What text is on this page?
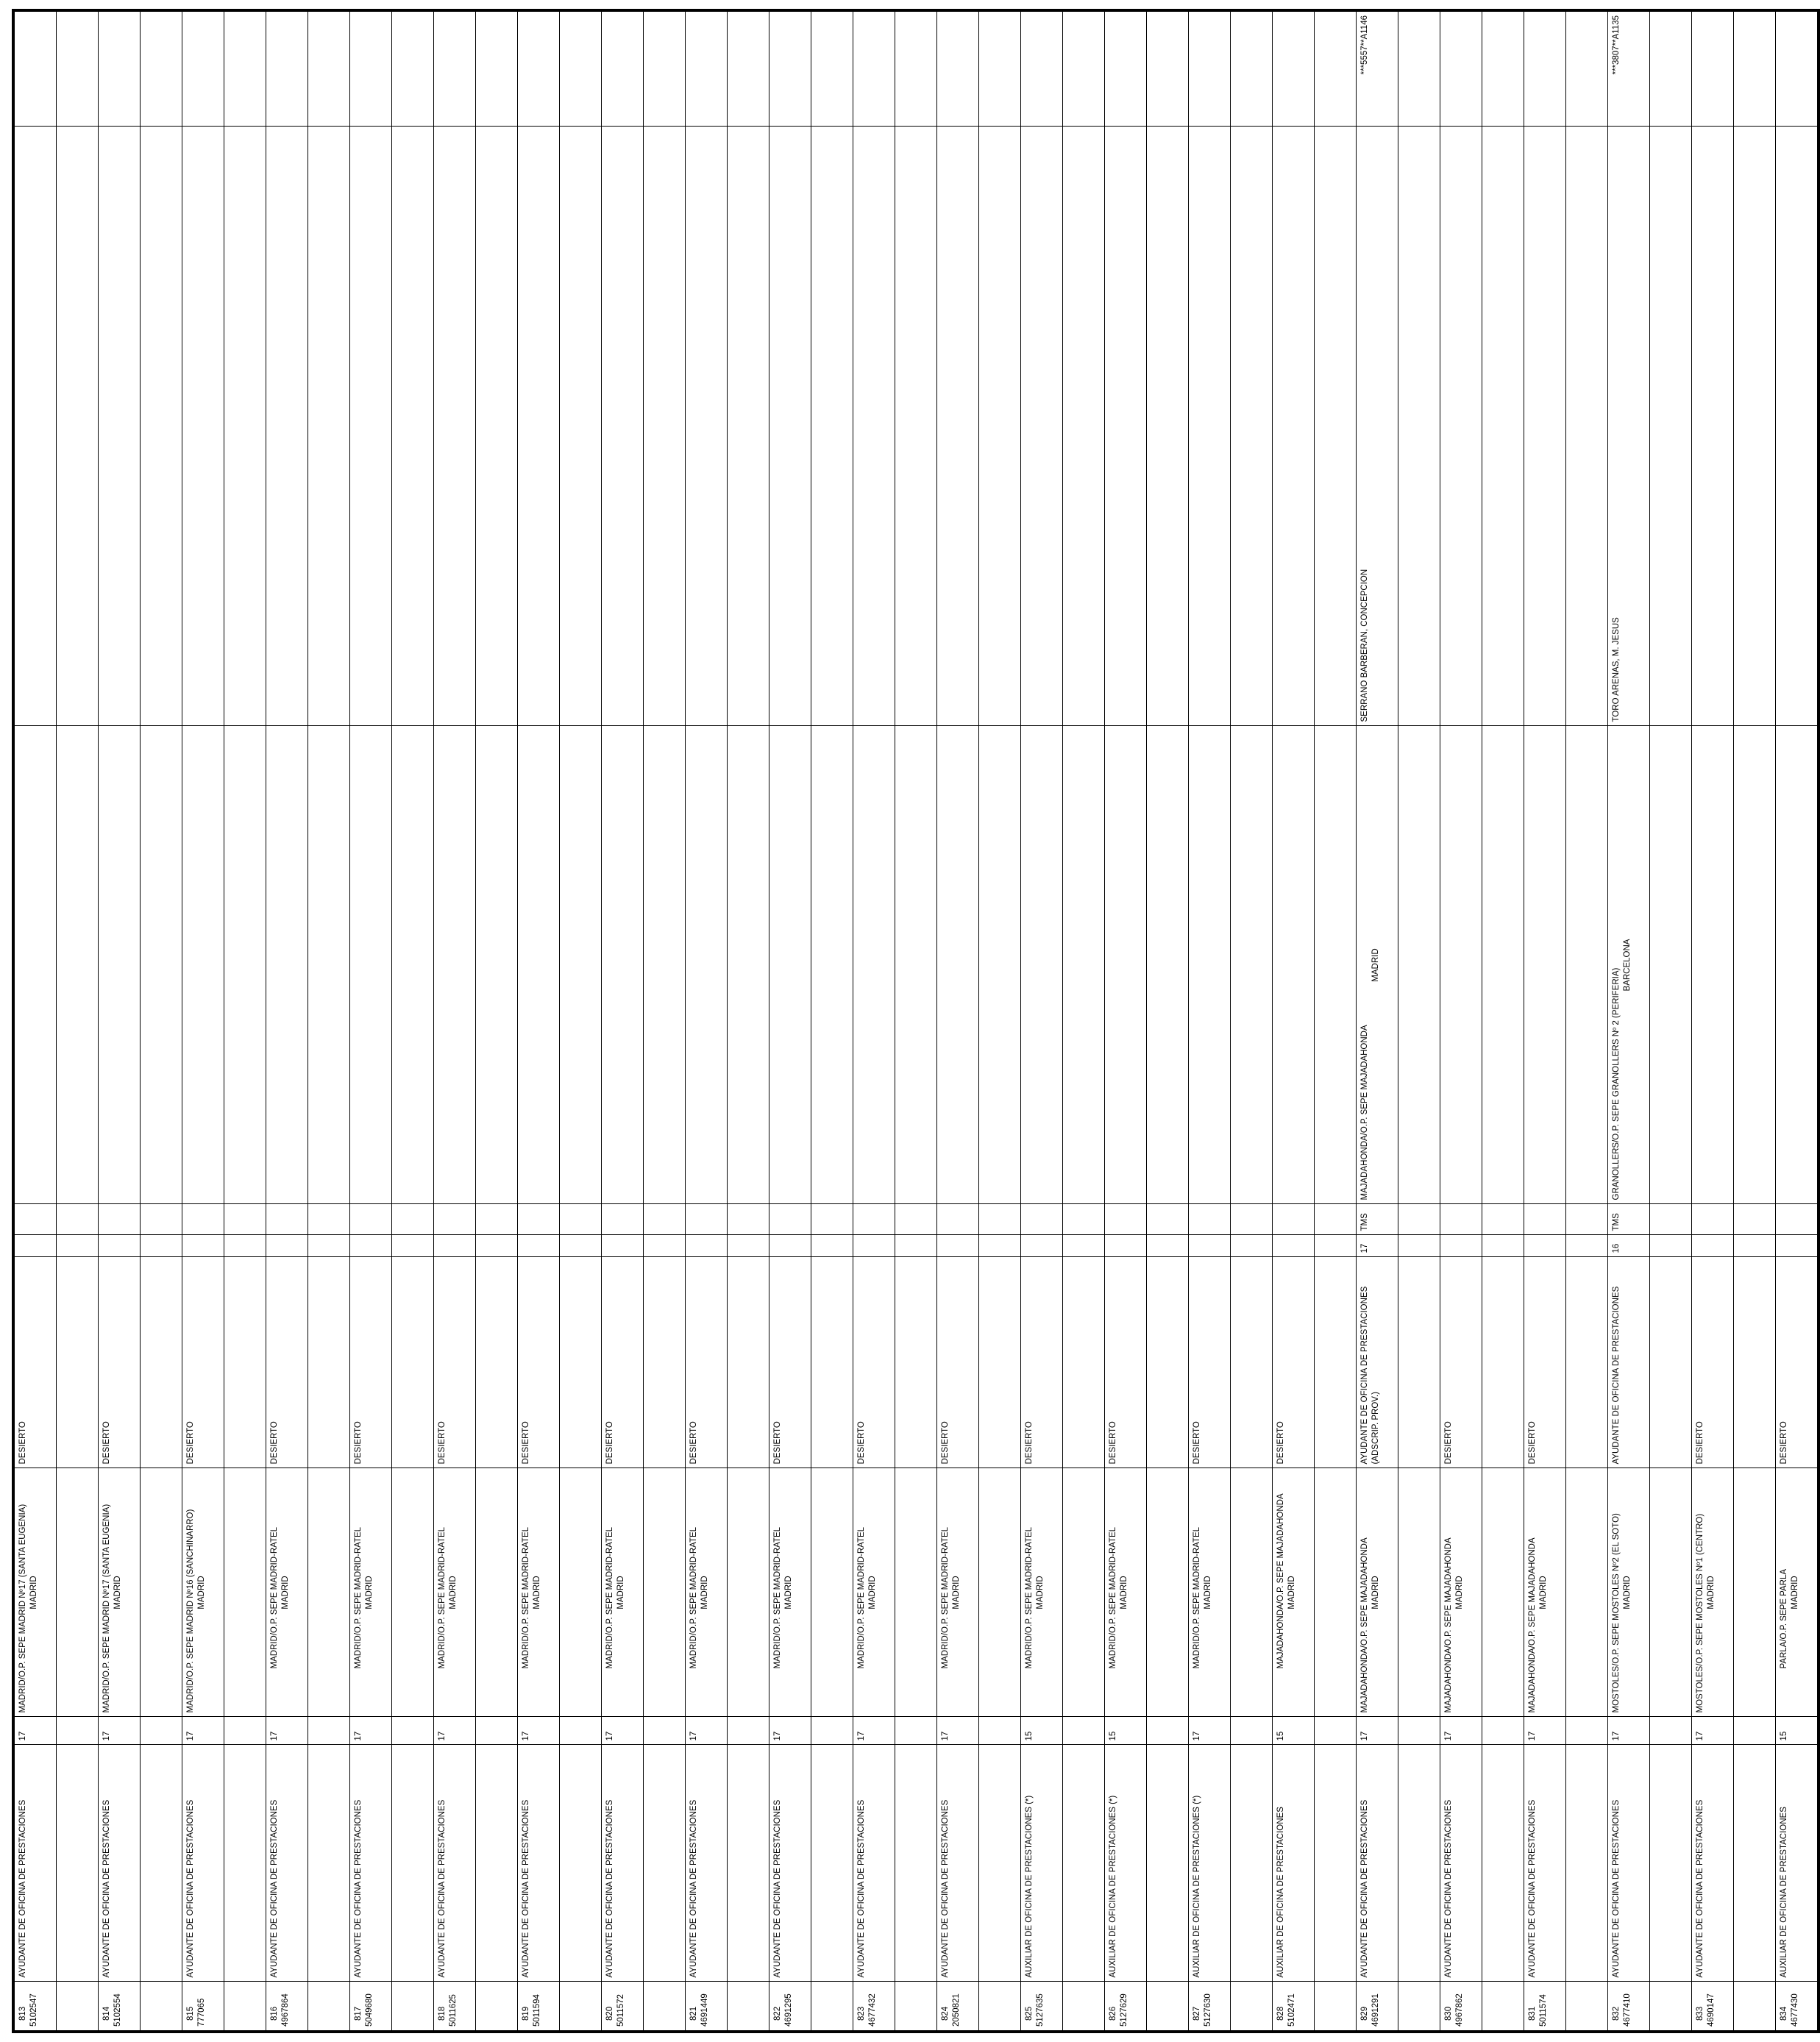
813 5102547	AYUDANTE DE OFICINA DE PRESTACIONES	17	MADRID/O.P. SEPE MADRID Nº17 (SANTA EUGENIA) MADRID	DESIERTO					

814 5102554	AYUDANTE DE OFICINA DE PRESTACIONES	17	MADRID/O.P. SEPE MADRID Nº17 (SANTA EUGENIA) MADRID	DESIERTO					

815 777065	AYUDANTE DE OFICINA DE PRESTACIONES	17	MADRID/O.P. SEPE MADRID Nº16 (SANCHINARRO) MADRID	DESIERTO					

816 4967864	AYUDANTE DE OFICINA DE PRESTACIONES	17	MADRID/O.P. SEPE MADRID-RATEL MADRID	DESIERTO					

817 5049680	AYUDANTE DE OFICINA DE PRESTACIONES	17	MADRID/O.P. SEPE MADRID-RATEL MADRID	DESIERTO					

818 5011625	AYUDANTE DE OFICINA DE PRESTACIONES	17	MADRID/O.P. SEPE MADRID-RATEL MADRID	DESIERTO					

819 5011594	AYUDANTE DE OFICINA DE PRESTACIONES	17	MADRID/O.P. SEPE MADRID-RATEL MADRID	DESIERTO					

820 5011572	AYUDANTE DE OFICINA DE PRESTACIONES	17	MADRID/O.P. SEPE MADRID-RATEL MADRID	DESIERTO					

821 4691449	AYUDANTE DE OFICINA DE PRESTACIONES	17	MADRID/O.P. SEPE MADRID-RATEL MADRID	DESIERTO					

822 4691295	AYUDANTE DE OFICINA DE PRESTACIONES	17	MADRID/O.P. SEPE MADRID-RATEL MADRID	DESIERTO					

823 4677432	AYUDANTE DE OFICINA DE PRESTACIONES	17	MADRID/O.P. SEPE MADRID-RATEL MADRID	DESIERTO					

824 2050821	AYUDANTE DE OFICINA DE PRESTACIONES	17	MADRID/O.P. SEPE MADRID-RATEL MADRID	DESIERTO					

825 5127635	AUXILIAR DE OFICINA DE PRESTACIONES (*)	15	MADRID/O.P. SEPE MADRID-RATEL MADRID	DESIERTO					

826 5127629	AUXILIAR DE OFICINA DE PRESTACIONES (*)	15	MADRID/O.P. SEPE MADRID-RATEL MADRID	DESIERTO					

827 5127630	AUXILIAR DE OFICINA DE PRESTACIONES (*)	17	MADRID/O.P. SEPE MADRID-RATEL MADRID	DESIERTO					

828 5102471	AUXILIAR DE OFICINA DE PRESTACIONES	15	MAJADAHONDA/O.P. SEPE MAJADAHONDA MADRID	DESIERTO					

829 4691291	AYUDANTE DE OFICINA DE PRESTACIONES	17	MAJADAHONDA/O.P. SEPE MAJADAHONDA MADRID	AYUDANTE DE OFICINA DE PRESTACIONES (ADSCRIP. PROV.)	17	TMS	MAJADAHONDA/O.P. SEPE MAJADAHONDA
MADRID	SERRANO BARBERAN, CONCEPCION	***5557**A1146

830 4967862	AYUDANTE DE OFICINA DE PRESTACIONES	17	MAJADAHONDA/O.P. SEPE MAJADAHONDA MADRID	DESIERTO					

831 5011574	AYUDANTE DE OFICINA DE PRESTACIONES	17	MAJADAHONDA/O.P. SEPE MAJADAHONDA MADRID	DESIERTO					

832 4677410	AYUDANTE DE OFICINA DE PRESTACIONES	17	MOSTOLES/O.P. SEPE MOSTOLES Nº2 (EL SOTO) MADRID	AYUDANTE DE OFICINA DE PRESTACIONES	16	TMS	GRANOLLERS/O.P. SEPE GRANOLLERS Nº 2 (PERIFERIA)
BARCELONA	TORO ARENAS, M. JESUS	***3807**A1135

833 4690147	AYUDANTE DE OFICINA DE PRESTACIONES	17	MOSTOLES/O.P. SEPE MOSTOLES Nº1 (CENTRO) MADRID	DESIERTO					

834 4677430	AUXILIAR DE OFICINA DE PRESTACIONES	15	PARLA/O.P. SEPE PARLA MADRID	DESIERTO					
